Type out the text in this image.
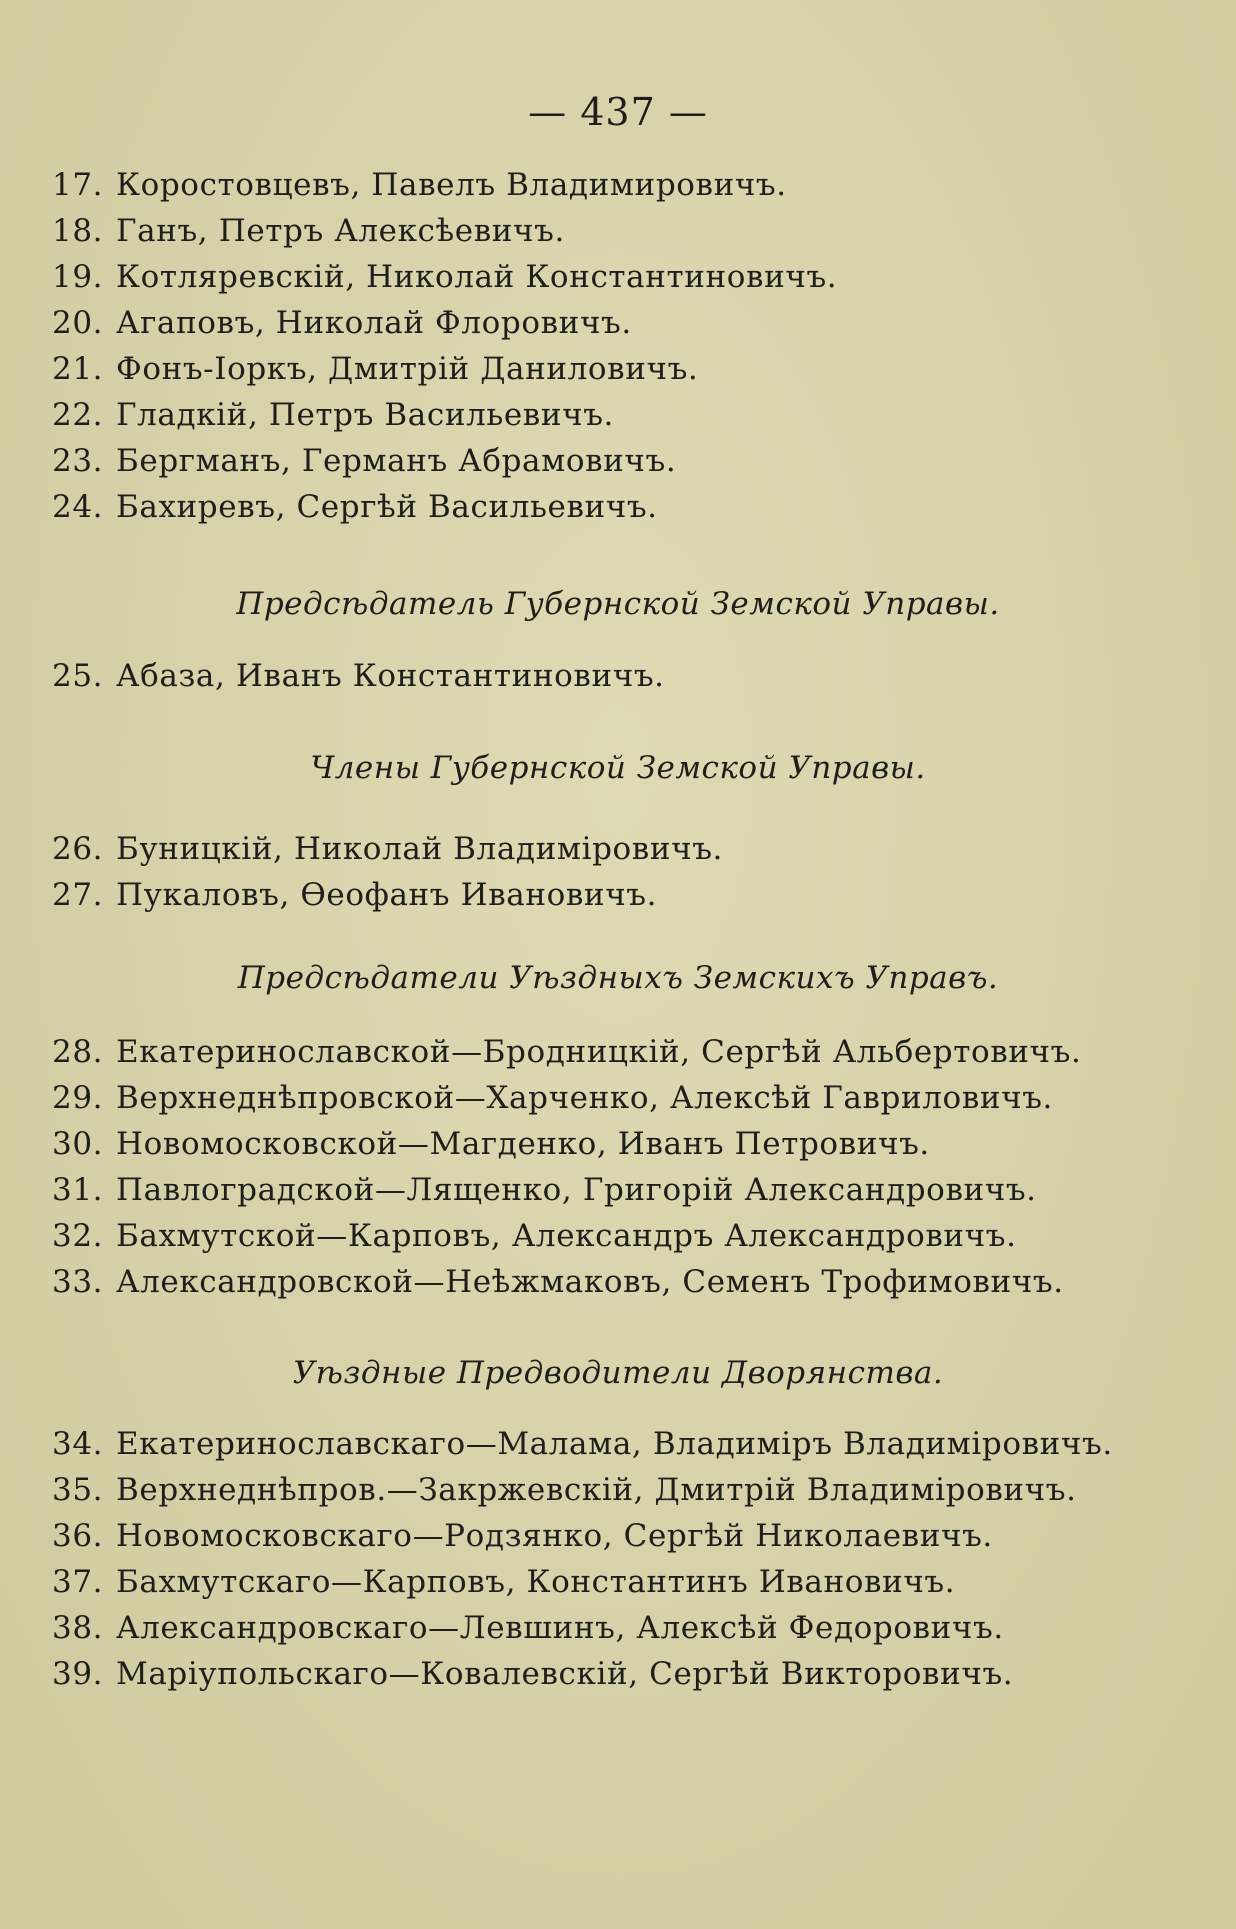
— 437 —
17. Коростовцевъ, Павелъ Владимировичъ.
18. Ганъ, Петръ Алексѣевичъ.
19. Котляревскій, Николай Константиновичъ.
20. Агаповъ, Николай Флоровичъ.
21. Фонъ-Іоркъ, Дмитрій Даниловичъ.
22. Гладкій, Петръ Васильевичъ.
23. Бергманъ, Германъ Абрамовичъ.
24. Бахиревъ, Сергѣй Васильевичъ.
Предсѣдатель Губернской Земской Управы.
25. Абаза, Иванъ Константиновичъ.
Члены Губернской Земской Управы.
26. Буницкій, Николай Владиміровичъ.
27. Пукаловъ, Ѳеофанъ Ивановичъ.
Предсѣдатели Уѣздныхъ Земскихъ Управъ.
28. Екатеринославской—Бродницкій, Сергѣй Альбертовичъ.
29. Верхнеднѣпровской—Харченко, Алексѣй Гавриловичъ.
30. Новомосковской—Магденко, Иванъ Петровичъ.
31. Павлоградской—Лященко, Григорій Александровичъ.
32. Бахмутской—Карповъ, Александръ Александровичъ.
33. Александровской—Неѣжмаковъ, Семенъ Трофимовичъ.
Уѣздные Предводители Дворянства.
34. Екатеринославскаго—Малама, Владиміръ Владиміровичъ.
35. Верхнеднѣпров.—Закржевскій, Дмитрій Владиміровичъ.
36. Новомосковскаго—Родзянко, Сергѣй Николаевичъ.
37. Бахмутскаго—Карповъ, Константинъ Ивановичъ.
38. Александровскаго—Левшинъ, Алексѣй Федоровичъ.
39. Маріупольскаго—Ковалевскій, Сергѣй Викторовичъ.
